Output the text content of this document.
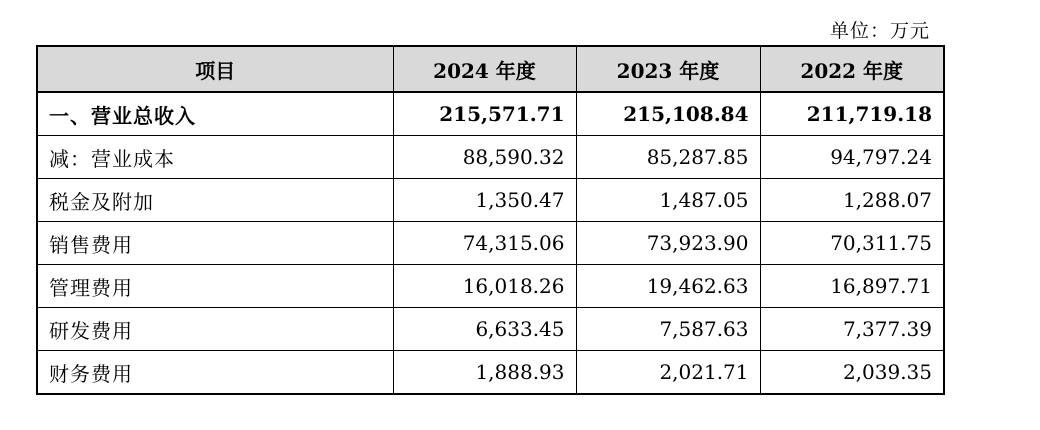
单位：万元
项目	2024 年度	2023 年度	2022 年度
一、营业总收入	215,571.71	215,108.84	211,719.18
减：营业成本	88,590.32	85,287.85	94,797.24
税金及附加	1,350.47	1,487.05	1,288.07
销售费用	74,315.06	73,923.90	70,311.75
管理费用	16,018.26	19,462.63	16,897.71
研发费用	6,633.45	7,587.63	7,377.39
财务费用	1,888.93	2,021.71	2,039.35
